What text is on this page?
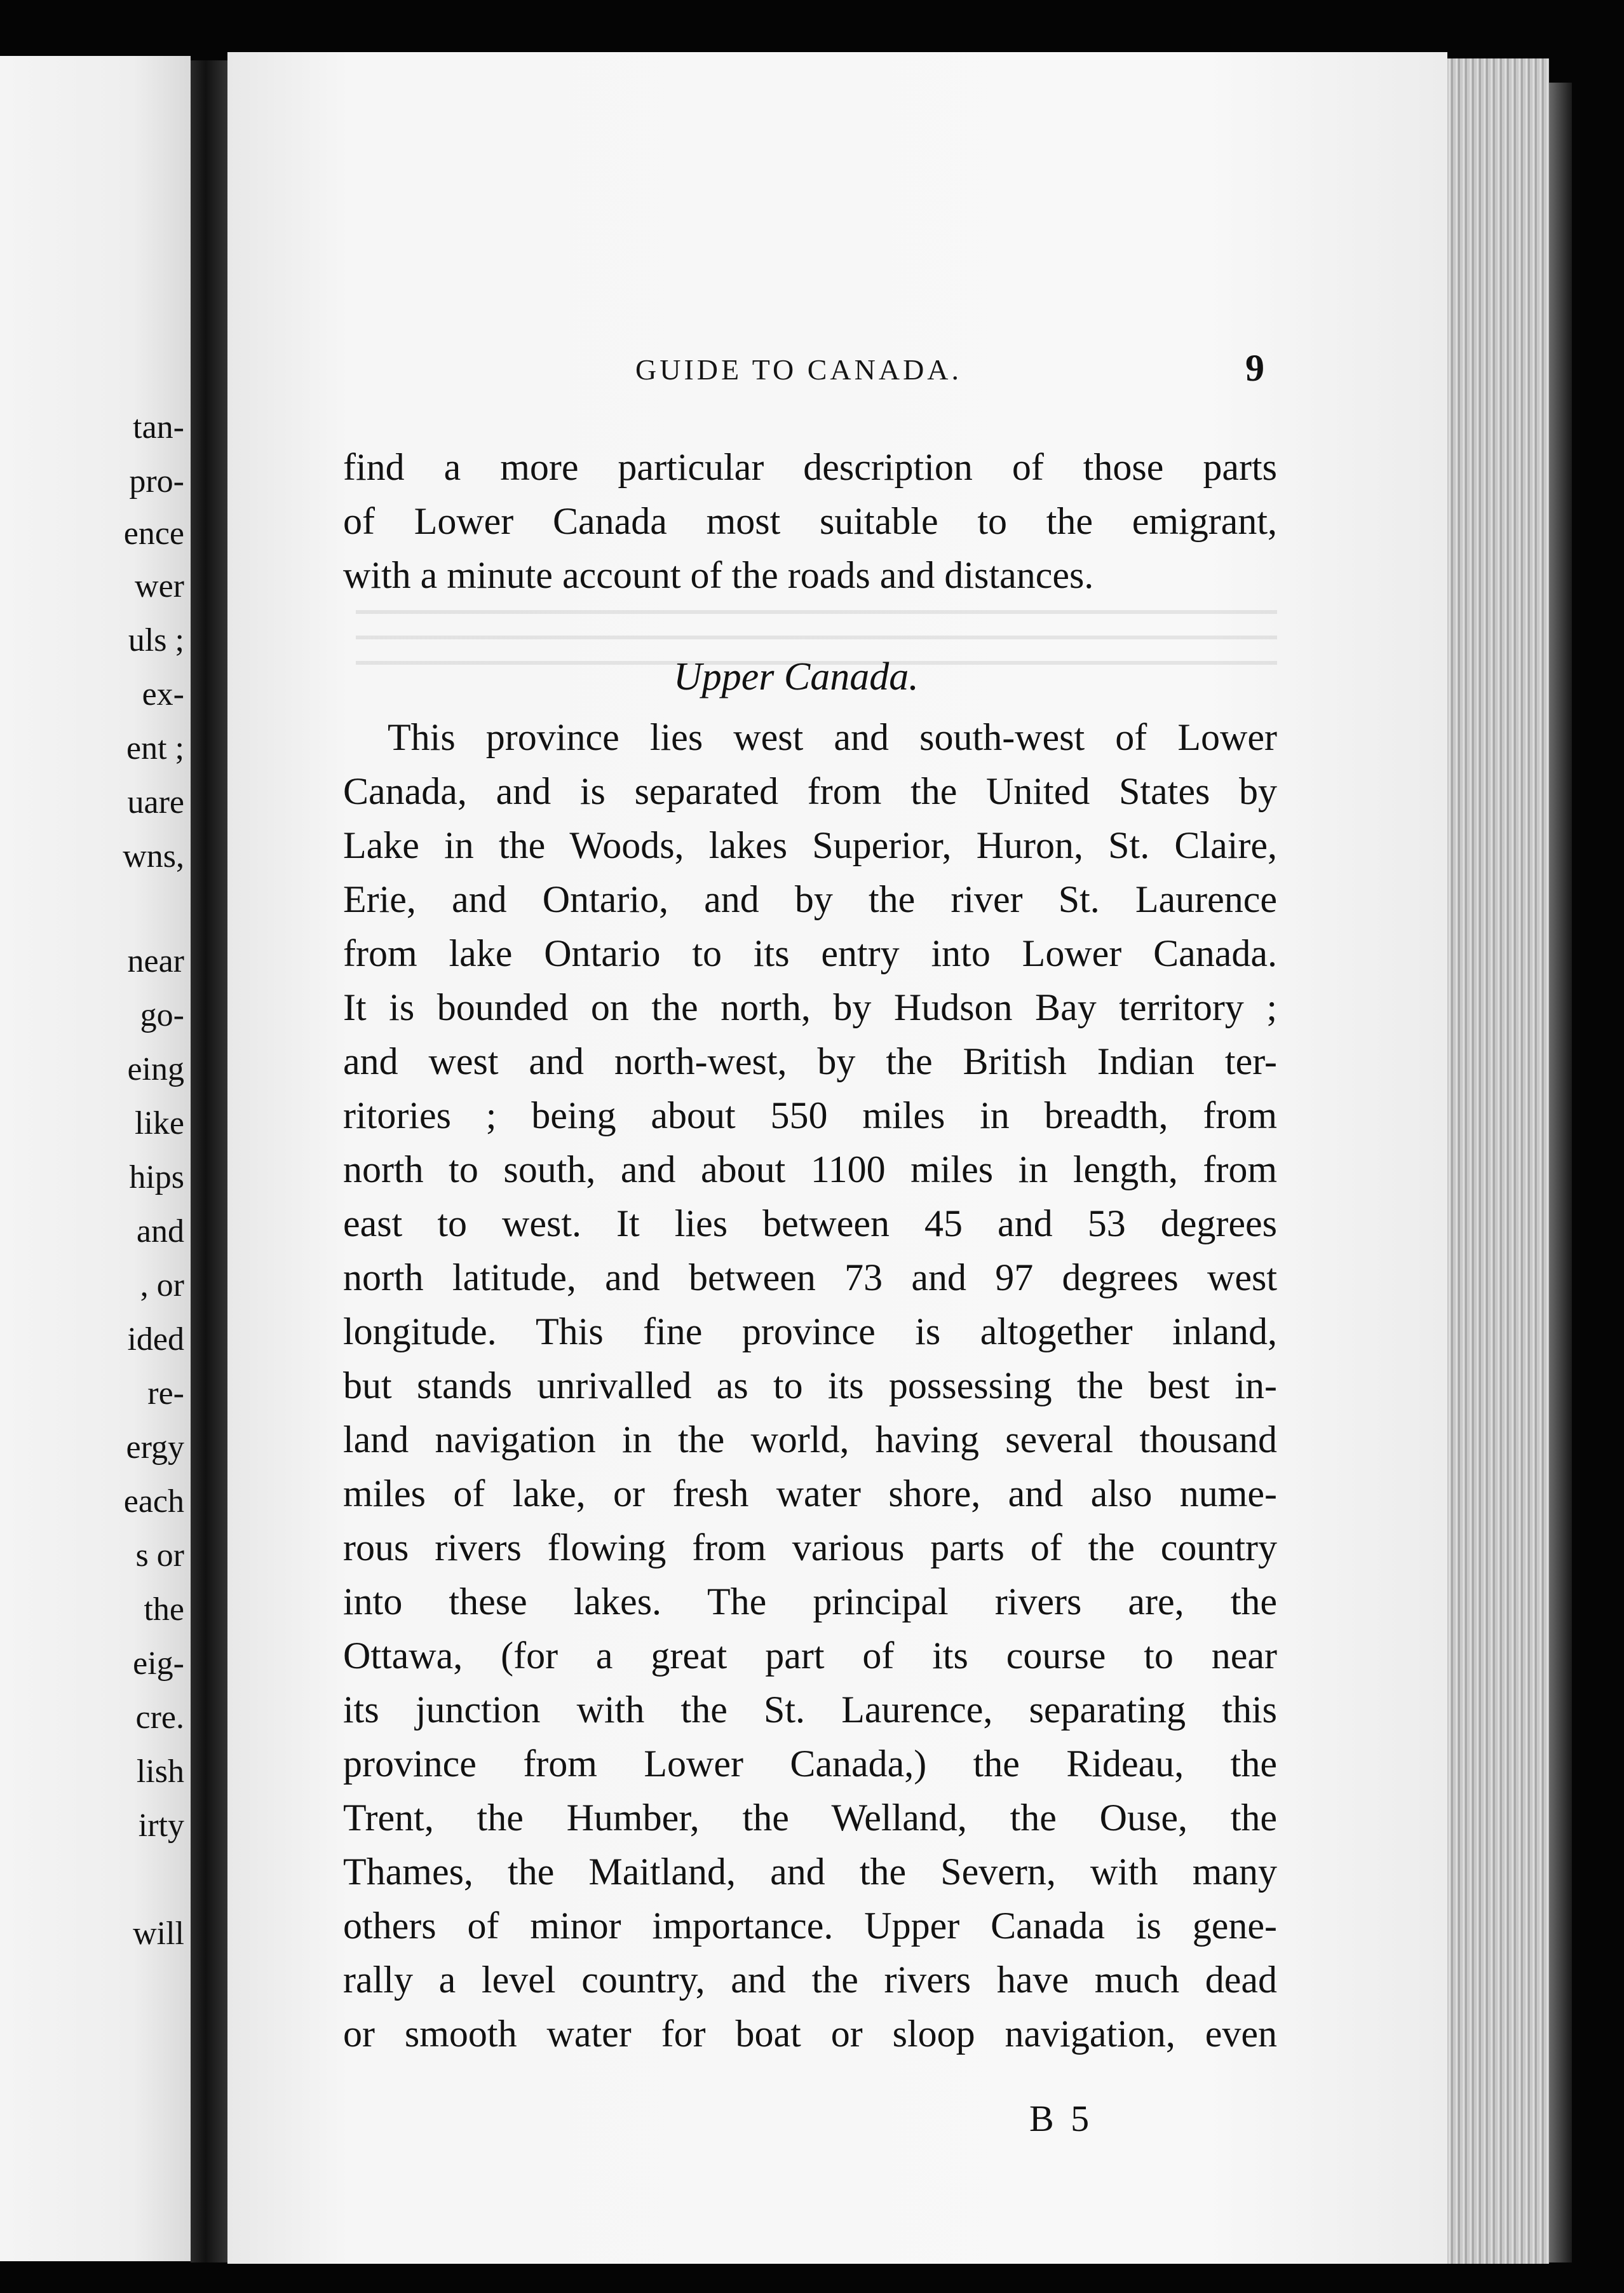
tan-
pro-
ence
wer
uls ;
ex-
ent ;
uare
wns,
near
go-
eing
like
hips
and
, or
ided
re-
ergy
each
s or
the
eig-
cre.
lish
irty
will
GUIDE TO CANADA.	9
find a more particular description of those parts
of Lower Canada most suitable to the emigrant,
with a minute account of the roads and distances.
Upper Canada.
This province lies west and south-west of Lower
Canada, and is separated from the United States by
Lake in the Woods, lakes Superior, Huron, St. Claire,
Erie, and Ontario, and by the river St. Laurence
from lake Ontario to its entry into Lower Canada.
It is bounded on the north, by Hudson Bay territory ;
and west and north-west, by the British Indian ter-
ritories ; being about 550 miles in breadth, from
north to south, and about 1100 miles in length, from
east to west. It lies between 45 and 53 degrees
north latitude, and between 73 and 97 degrees west
longitude. This fine province is altogether inland,
but stands unrivalled as to its possessing the best in-
land navigation in the world, having several thousand
miles of lake, or fresh water shore, and also nume-
rous rivers flowing from various parts of the country
into these lakes. The principal rivers are, the
Ottawa, (for a great part of its course to near
its junction with the St. Laurence, separating this
province from Lower Canada,) the Rideau, the
Trent, the Humber, the Welland, the Ouse, the
Thames, the Maitland, and the Severn, with many
others of minor importance. Upper Canada is gene-
rally a level country, and the rivers have much dead
or smooth water for boat or sloop navigation, even
B 5
